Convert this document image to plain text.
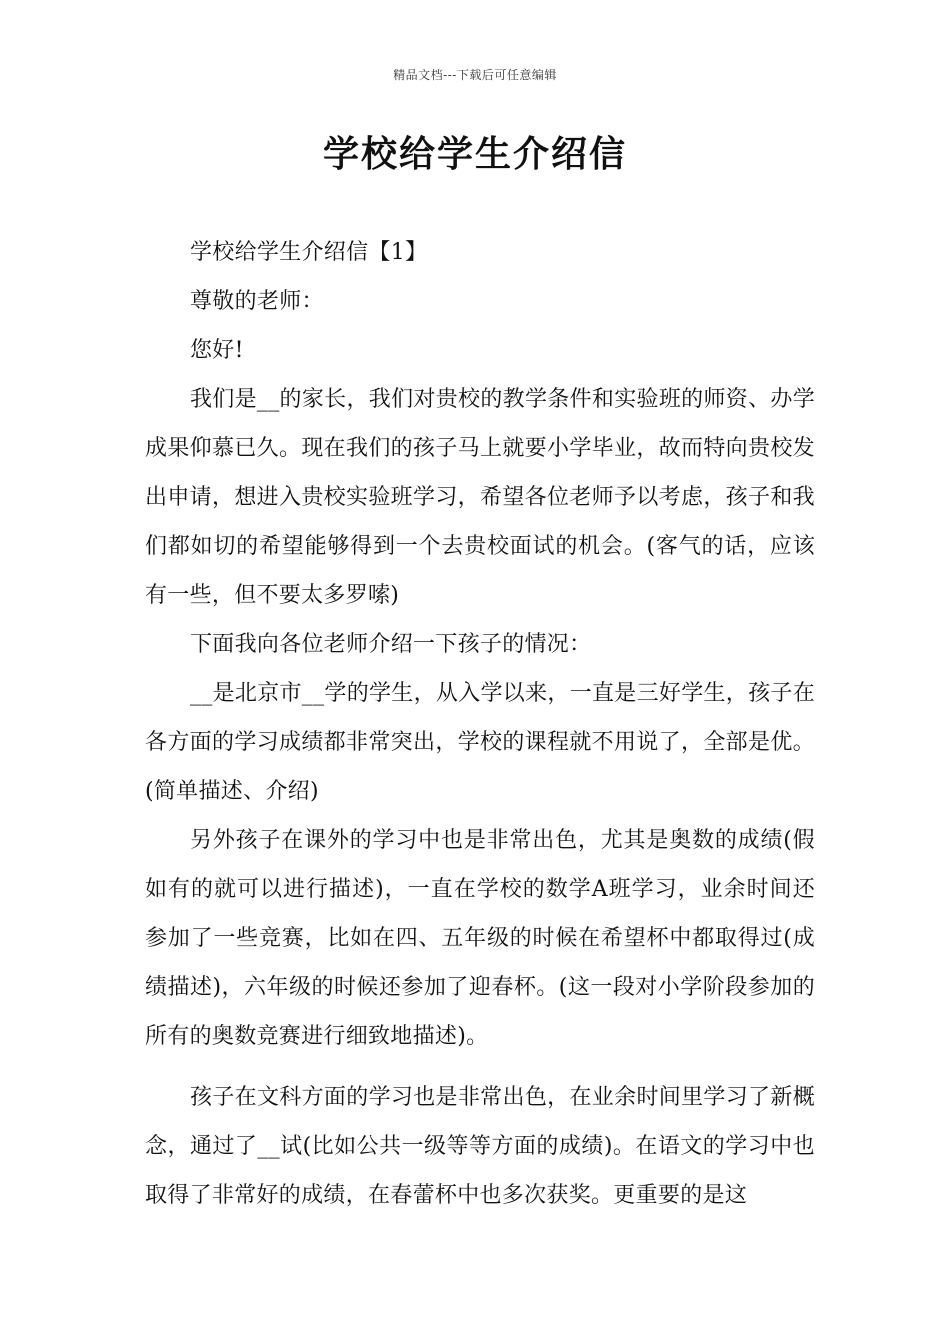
精品文档---下载后可任意编辑
学校给学生介绍信

学校给学生介绍信【1】

尊敬的老师：

您好!

我们是__的家长，我们对贵校的教学条件和实验班的师资、办学成果仰慕已久。现在我们的孩子马上就要小学毕业，故而特向贵校发出申请，想进入贵校实验班学习，希望各位老师予以考虑，孩子和我们都如切的希望能够得到一个去贵校面试的机会。(客气的话，应该有一些，但不要太多罗嗦)

下面我向各位老师介绍一下孩子的情况：

__是北京市__学的学生，从入学以来，一直是三好学生，孩子在各方面的学习成绩都非常突出，学校的课程就不用说了，全部是优。(简单描述、介绍)

另外孩子在课外的学习中也是非常出色，尤其是奥数的成绩(假如有的就可以进行描述)，一直在学校的数学A班学习，业余时间还参加了一些竞赛，比如在四、五年级的时候在希望杯中都取得过(成绩描述)，六年级的时候还参加了迎春杯。(这一段对小学阶段参加的所有的奥数竞赛进行细致地描述)。

孩子在文科方面的学习也是非常出色，在业余时间里学习了新概念，通过了__试(比如公共一级等等方面的成绩)。在语文的学习中也取得了非常好的成绩，在春蕾杯中也多次获奖。更重要的是这
